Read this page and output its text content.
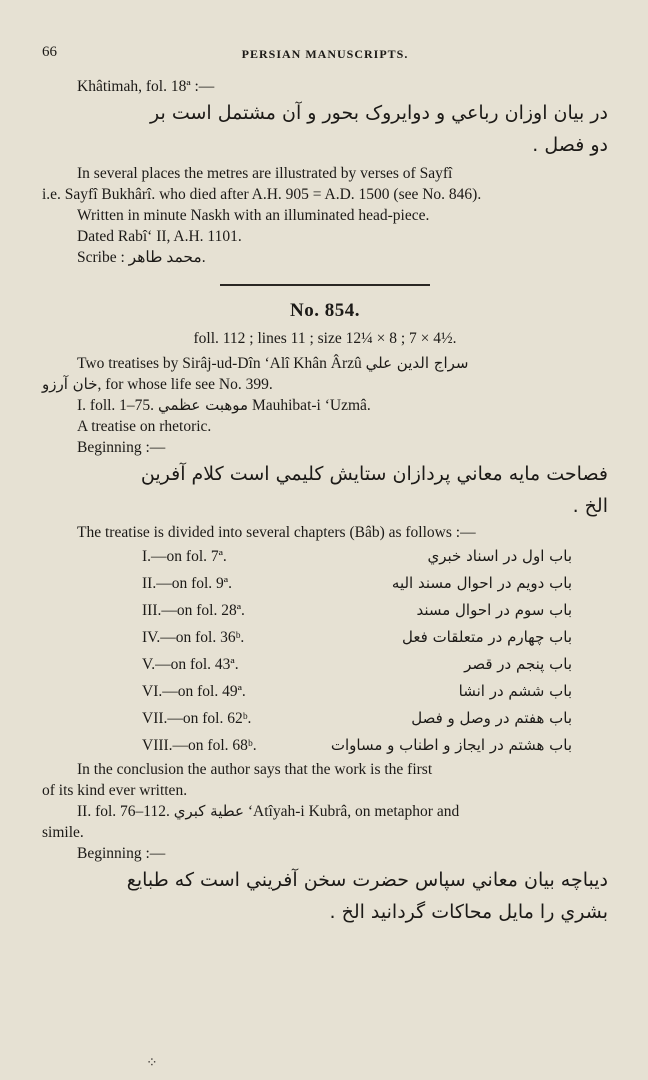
66	PERSIAN MANUSCRIPTS.
Khâtimah, fol. 18ª :—
در بيان اوزان رباعي و دوايروک بحور و آن مشتمل است بر
دو فصل .
In several places the metres are illustrated by verses of Sayfî
i.e. Sayfî Bukhârî. who died after A.H. 905 = A.D. 1500 (see No. 846).
Written in minute Naskh with an illuminated head-piece.
Dated Rabî‘ II, A.H. 1101.
Scribe : محمد طاهر.
No. 854.
foll. 112 ; lines 11 ; size 12¼ × 8 ; 7 × 4½.
Two treatises by Sirâj-ud-Dîn ‘Alî Khân Ârzû سراج الدين علي
خان آرزو, for whose life see No. 399.
I. foll. 1–75. موهبت عظمي Mauhibat-i ‘Uzmâ.
A treatise on rhetoric.
Beginning :—
فصاحت مايه معاني پردازان ستايش کليمي است کلام آفرين
الخ .
The treatise is divided into several chapters (Bâb) as follows :—
I.—on fol. 7ª.	باب اول در اسناد خبري
II.—on fol. 9ª.	باب دويم در احوال مسند اليه
III.—on fol. 28ª.	باب سوم در احوال مسند
IV.—on fol. 36ᵇ.	باب چهارم در متعلقات فعل
V.—on fol. 43ª.	باب پنجم در قصر
VI.—on fol. 49ª.	باب ششم در انشا
VII.—on fol. 62ᵇ.	باب هفتم در وصل و فصل
VIII.—on fol. 68ᵇ.	باب هشتم در ايجاز و اطناب و مساوات
In the conclusion the author says that the work is the first
of its kind ever written.
II. fol. 76–112. عطية کبري ‘Atîyah-i Kubrâ, on metaphor and
simile.
Beginning :—
ديباچه بيان معاني سپاس حضرت سخن آفريني است که طبايع
بشري را مايل محاکات گردانيد الخ .
⁘
